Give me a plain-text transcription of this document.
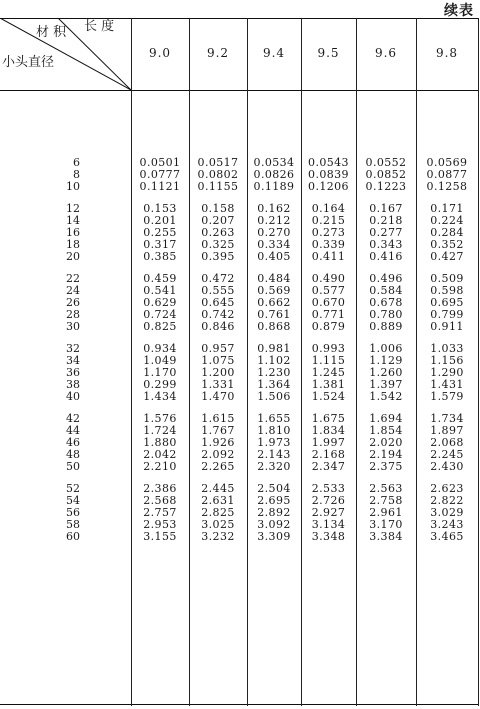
续表
长 度
材 积
小头直径
9.0	9.2	9.4	9.5	9.6	9.8
6	0.0501	0.0517	0.0534	0.0543	0.0552	0.0569
8	0.0777	0.0802	0.0826	0.0839	0.0852	0.0877
10	0.1121	0.1155	0.1189	0.1206	0.1223	0.1258
12	0.153	0.158	0.162	0.164	0.167	0.171
14	0.201	0.207	0.212	0.215	0.218	0.224
16	0.255	0.263	0.270	0.273	0.277	0.284
18	0.317	0.325	0.334	0.339	0.343	0.352
20	0.385	0.395	0.405	0.411	0.416	0.427
22	0.459	0.472	0.484	0.490	0.496	0.509
24	0.541	0.555	0.569	0.577	0.584	0.598
26	0.629	0.645	0.662	0.670	0.678	0.695
28	0.724	0.742	0.761	0.771	0.780	0.799
30	0.825	0.846	0.868	0.879	0.889	0.911
32	0.934	0.957	0.981	0.993	1.006	1.033
34	1.049	1.075	1.102	1.115	1.129	1.156
36	1.170	1.200	1.230	1.245	1.260	1.290
38	0.299	1.331	1.364	1.381	1.397	1.431
40	1.434	1.470	1.506	1.524	1.542	1.579
42	1.576	1.615	1.655	1.675	1.694	1.734
44	1.724	1.767	1.810	1.834	1.854	1.897
46	1.880	1.926	1.973	1.997	2.020	2.068
48	2.042	2.092	2.143	2.168	2.194	2.245
50	2.210	2.265	2.320	2.347	2.375	2.430
52	2.386	2.445	2.504	2.533	2.563	2.623
54	2.568	2.631	2.695	2.726	2.758	2.822
56	2.757	2.825	2.892	2.927	2.961	3.029
58	2.953	3.025	3.092	3.134	3.170	3.243
60	3.155	3.232	3.309	3.348	3.384	3.465
